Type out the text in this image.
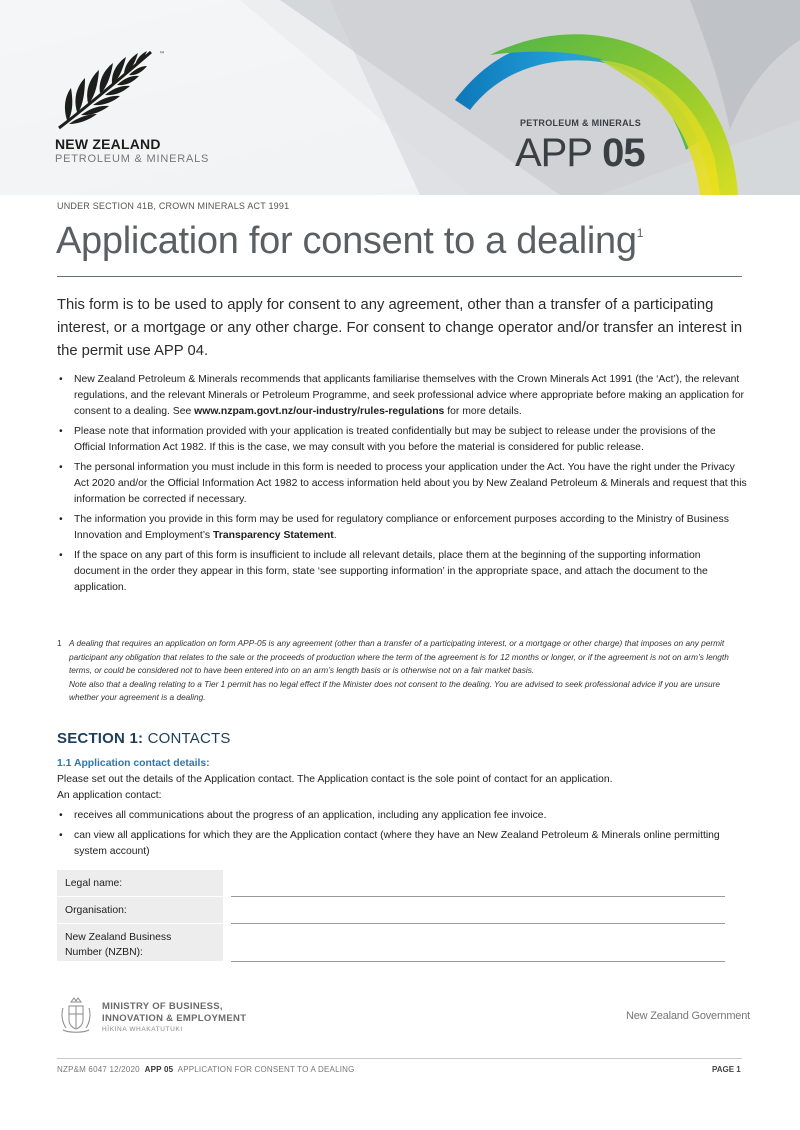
™
NEW ZEALAND
PETROLEUM & MINERALS
PETROLEUM & MINERALS
APP 05
UNDER SECTION 41B, CROWN MINERALS ACT 1991
Application for consent to a dealing$^1$
This form is to be used to apply for consent to any agreement, other than a transfer of a participating interest, or a mortgage or any other charge. For consent to change operator and/or transfer an interest in the permit use APP 04.
• New Zealand Petroleum & Minerals recommends that applicants familiarise themselves with the Crown Minerals Act 1991 (the ‘Act’), the relevant regulations, and the relevant Minerals or Petroleum Programme, and seek professional advice where appropriate before making an application for consent to a dealing. See www.nzpam.govt.nz/our-industry/rules-regulations for more details.
• Please note that information provided with your application is treated confidentially but may be subject to release under the provisions of the Official Information Act 1982. If this is the case, we may consult with you before the material is considered for public release.
• The personal information you must include in this form is needed to process your application under the Act. You have the right under the Privacy Act 2020 and/or the Official Information Act 1982 to access information held about you by New Zealand Petroleum & Minerals and request that this information be corrected if necessary.
• The information you provide in this form may be used for regulatory compliance or enforcement purposes according to the Ministry of Business Innovation and Employment’s Transparency Statement.
• If the space on any part of this form is insufficient to include all relevant details, place them at the beginning of the supporting information document in the order they appear in this form, state ‘see supporting information’ in the appropriate space, and attach the document to the application.
1 A dealing that requires an application on form APP-05 is any agreement (other than a transfer of a participating interest, or a mortgage or other charge) that imposes on any permit participant any obligation that relates to the sale or the proceeds of production where the term of the agreement is for 12 months or longer, or if the agreement is not on arm’s length terms, or could be considered not to have been entered into on an arm’s length basis or is otherwise not on a fair market basis.
Note also that a dealing relating to a Tier 1 permit has no legal effect if the Minister does not consent to the dealing. You are advised to seek professional advice if you are unsure whether your agreement is a dealing.
SECTION 1: CONTACTS
1.1 Application contact details:
Please set out the details of the Application contact. The Application contact is the sole point of contact for an application.
An application contact:
• receives all communications about the progress of an application, including any application fee invoice.
• can view all applications for which they are the Application contact (where they have an New Zealand Petroleum & Minerals online permitting system account)
Legal name:
Organisation:
New Zealand Business Number (NZBN):
MINISTRY OF BUSINESS,
INNOVATION & EMPLOYMENT
HĪKINA WHAKATUTUKI
New Zealand Government
NZP&M 6047 12/2020 APP 05 APPLICATION FOR CONSENT TO A DEALING	PAGE 1
